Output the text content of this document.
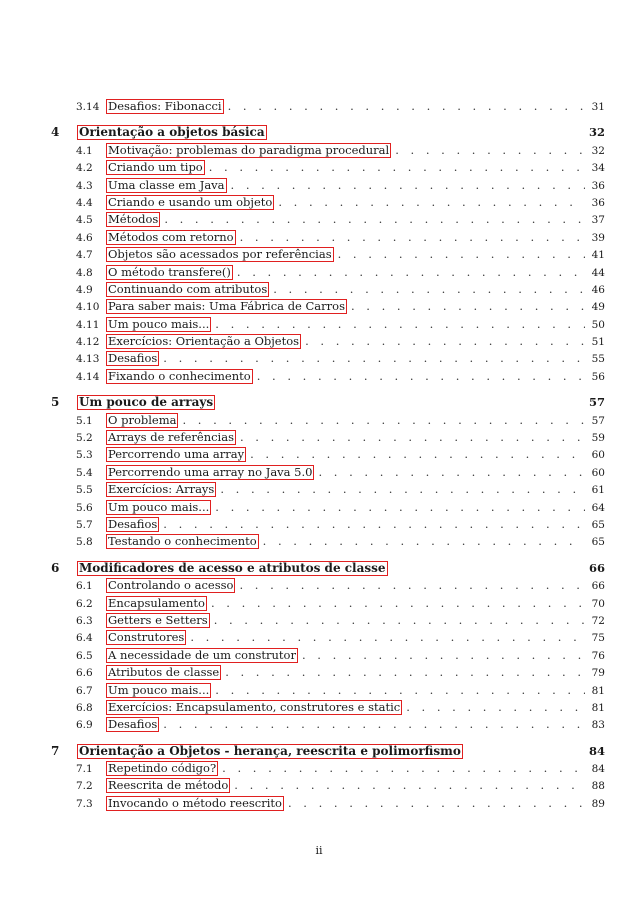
3.14 Desafios: Fibonacci . . .	31
4	Orientação a objetos básica	32
4.1	Motivação: problemas do paradigma procedural . . .	32
4.2	Criando um tipo . . .	34
4.3	Uma classe em Java . . .	36
4.4	Criando e usando um objeto . . .	36
4.5	Métodos . . .	37
4.6	Métodos com retorno . . .	39
4.7	Objetos são acessados por referências . . .	41
4.8	O método transfere() . . .	44
4.9	Continuando com atributos . . .	46
4.10 Para saber mais: Uma Fábrica de Carros . . .	49
4.11 Um pouco mais... . . .	50
4.12 Exercícios: Orientação a Objetos . . .	51
4.13 Desafios . . .	55
4.14 Fixando o conhecimento . . .	56
5	Um pouco de arrays	57
5.1	O problema . . .	57
5.2	Arrays de referências . . .	59
5.3	Percorrendo uma array . . .	60
5.4	Percorrendo uma array no Java 5.0 . . .	60
5.5	Exercícios: Arrays . . .	61
5.6	Um pouco mais... . . .	64
5.7	Desafios . . .	65
5.8	Testando o conhecimento . . .	65
6	Modificadores de acesso e atributos de classe	66
6.1	Controlando o acesso . . .	66
6.2	Encapsulamento . . .	70
6.3	Getters e Setters . . .	72
6.4	Construtores . . .	75
6.5	A necessidade de um construtor . . .	76
6.6	Atributos de classe . . .	79
6.7	Um pouco mais... . . .	81
6.8	Exercícios: Encapsulamento, construtores e static . . .	81
6.9	Desafios . . .	83
7	Orientação a Objetos - herança, reescrita e polimorfismo	84
7.1	Repetindo código? . . .	84
7.2	Reescrita de método . . .	88
7.3	Invocando o método reescrito . . .	89
ii
